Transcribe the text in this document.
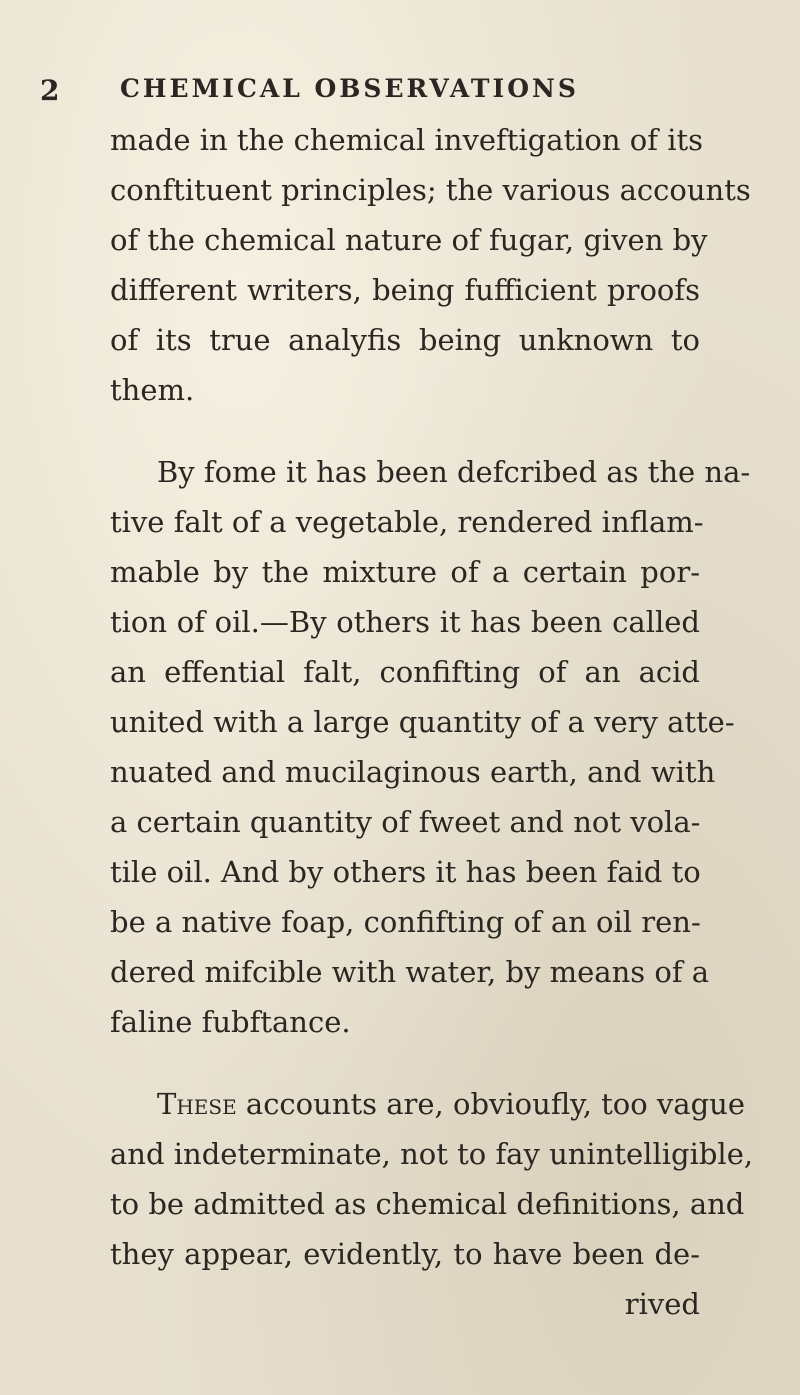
2 CHEMICAL OBSERVATIONS
made in the chemical inveftigation of its
conftituent principles; the various accounts
of the chemical nature of fugar, given by
different writers, being fufficient proofs
of its true analyfis being unknown to
them.
By fome it has been defcribed as the na-
tive falt of a vegetable, rendered inflam-
mable by the mixture of a certain por-
tion of oil.—By others it has been called
an effential falt, confifting of an acid
united with a large quantity of a very atte-
nuated and mucilaginous earth, and with
a certain quantity of fweet and not vola-
tile oil. And by others it has been faid to
be a native foap, confifting of an oil ren-
dered mifcible with water, by means of a
faline fubftance.
These accounts are, obvioufly, too vague
and indeterminate, not to fay unintelligible,
to be admitted as chemical definitions, and
they appear, evidently, to have been de-
rived
